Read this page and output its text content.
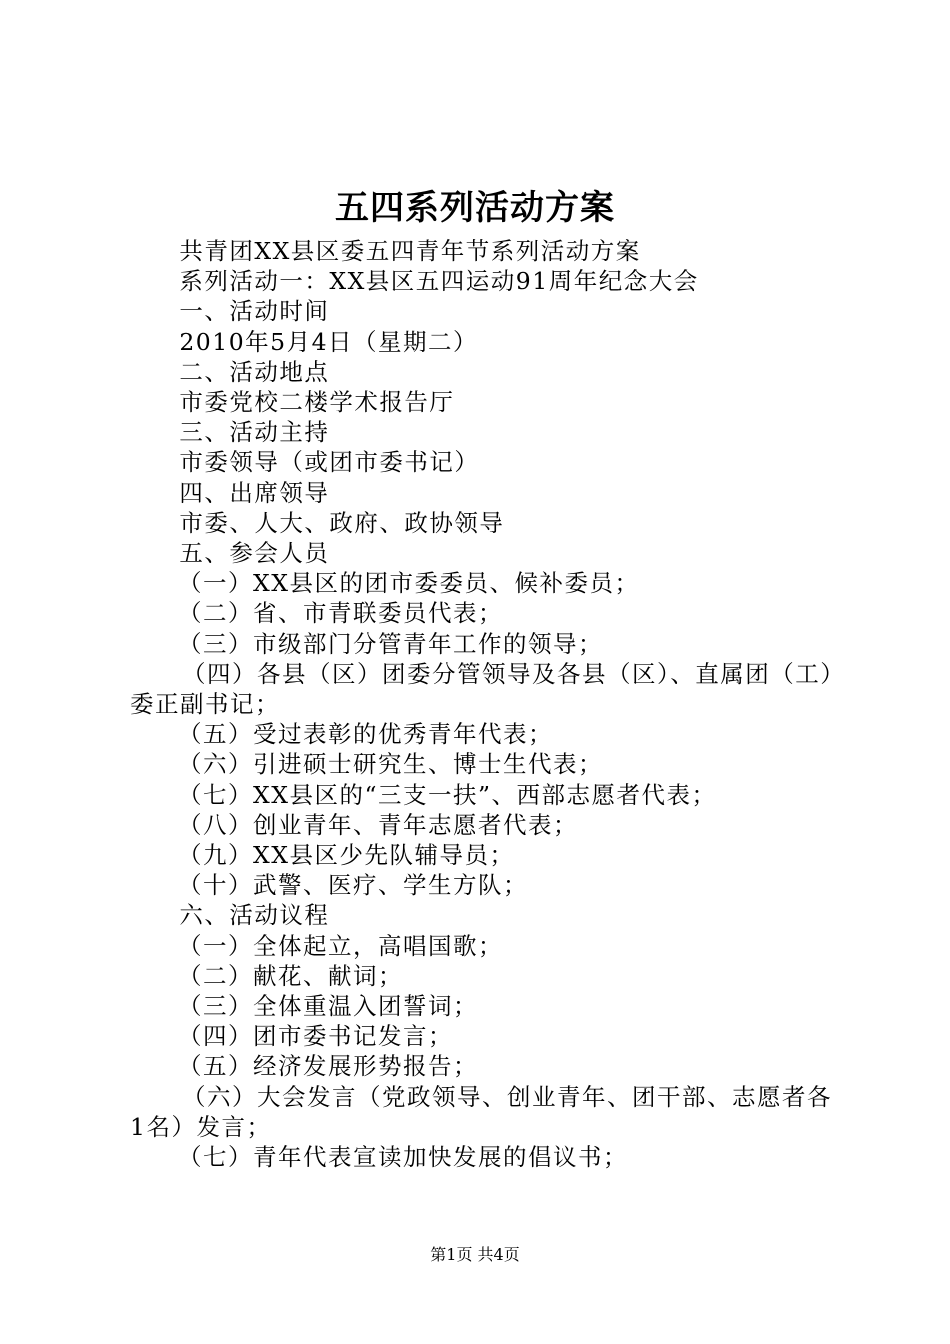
五四系列活动方案

共青团XX县区委五四青年节系列活动方案

系列活动一：XX县区五四运动91周年纪念大会

一、活动时间

2010年5月4日（星期二）

二、活动地点

市委党校二楼学术报告厅

三、活动主持

市委领导（或团市委书记）

四、出席领导

市委、人大、政府、政协领导

五、参会人员

（一）XX县区的团市委委员、候补委员；

（二）省、市青联委员代表；

（三）市级部门分管青年工作的领导；

（四）各县（区）团委分管领导及各县（区）、直属团（工）委正副书记；

（五）受过表彰的优秀青年代表；

（六）引进硕士研究生、博士生代表；

（七）XX县区的“三支一扶”、西部志愿者代表；

（八）创业青年、青年志愿者代表；

（九）XX县区少先队辅导员；

（十）武警、医疗、学生方队；

六、活动议程

（一）全体起立，高唱国歌；

（二）献花、献词；

（三）全体重温入团誓词；

（四）团市委书记发言；

（五）经济发展形势报告；

（六）大会发言（党政领导、创业青年、团干部、志愿者各1名）发言；

（七）青年代表宣读加快发展的倡议书；

第1页 共4页
